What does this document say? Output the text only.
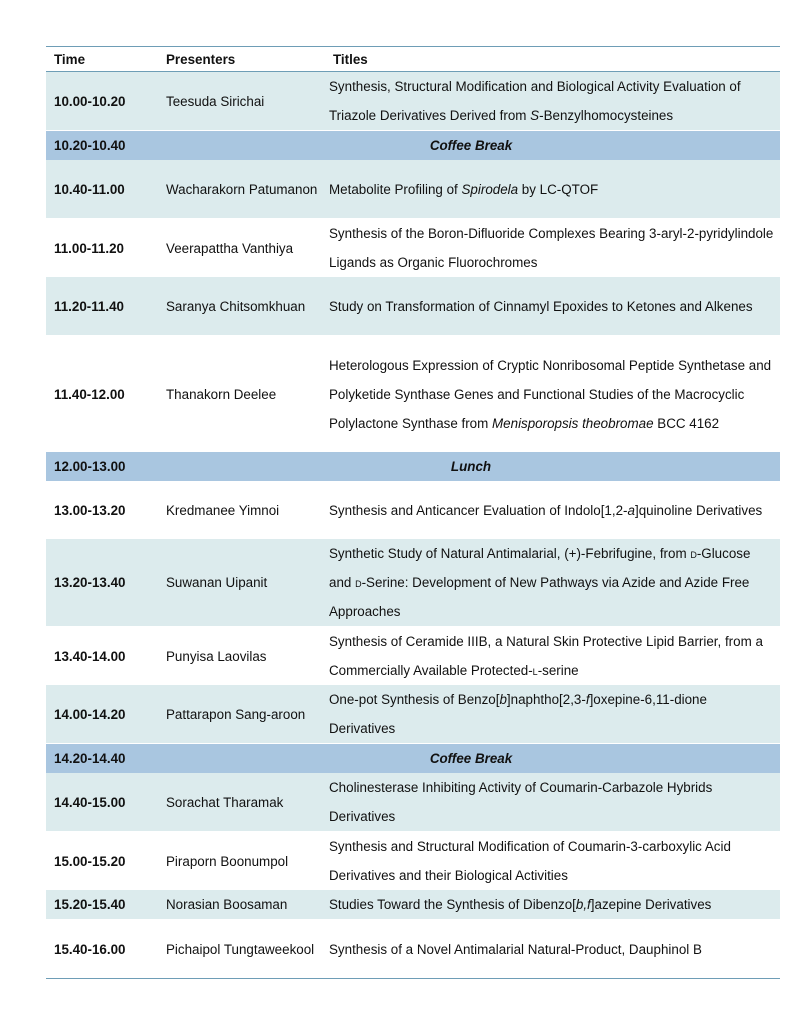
Time	Presenters	Titles
10.00-10.20	Teesuda Sirichai	Synthesis, Structural Modification and Biological Activity Evaluation of Triazole Derivatives Derived from S-Benzylhomocysteines
10.20-10.40	Coffee Break	
10.40-11.00	Wacharakorn Patumanon	Metabolite Profiling of Spirodela by LC-QTOF
11.00-11.20	Veerapattha Vanthiya	Synthesis of the Boron-Difluoride Complexes Bearing 3-aryl-2-pyridylindole Ligands as Organic Fluorochromes
11.20-11.40	Saranya Chitsomkhuan	Study on Transformation of Cinnamyl Epoxides to Ketones and Alkenes
11.40-12.00	Thanakorn Deelee	Heterologous Expression of Cryptic Nonribosomal Peptide Synthetase and Polyketide Synthase Genes and Functional Studies of the Macrocyclic Polylactone Synthase from Menisporopsis theobromae BCC 4162
12.00-13.00	Lunch	
13.00-13.20	Kredmanee Yimnoi	Synthesis and Anticancer Evaluation of Indolo[1,2-a]quinoline Derivatives
13.20-13.40	Suwanan Uipanit	Synthetic Study of Natural Antimalarial, (+)-Febrifugine, from d-Glucose and d-Serine: Development of New Pathways via Azide and Azide Free Approaches
13.40-14.00	Punyisa Laovilas	Synthesis of Ceramide IIIB, a Natural Skin Protective Lipid Barrier, from a Commercially Available Protected-l-serine
14.00-14.20	Pattarapon Sang-aroon	One-pot Synthesis of Benzo[b]naphtho[2,3-f]oxepine-6,11-dione Derivatives
14.20-14.40	Coffee Break	
14.40-15.00	Sorachat Tharamak	Cholinesterase Inhibiting Activity of Coumarin-Carbazole Hybrids Derivatives
15.00-15.20	Piraporn Boonumpol	Synthesis and Structural Modification of Coumarin-3-carboxylic Acid Derivatives and their Biological Activities
15.20-15.40	Norasian Boosaman	Studies Toward the Synthesis of Dibenzo[b,f]azepine Derivatives
15.40-16.00	Pichaipol Tungtaweekool	Synthesis of a Novel Antimalarial Natural-Product, Dauphinol B
